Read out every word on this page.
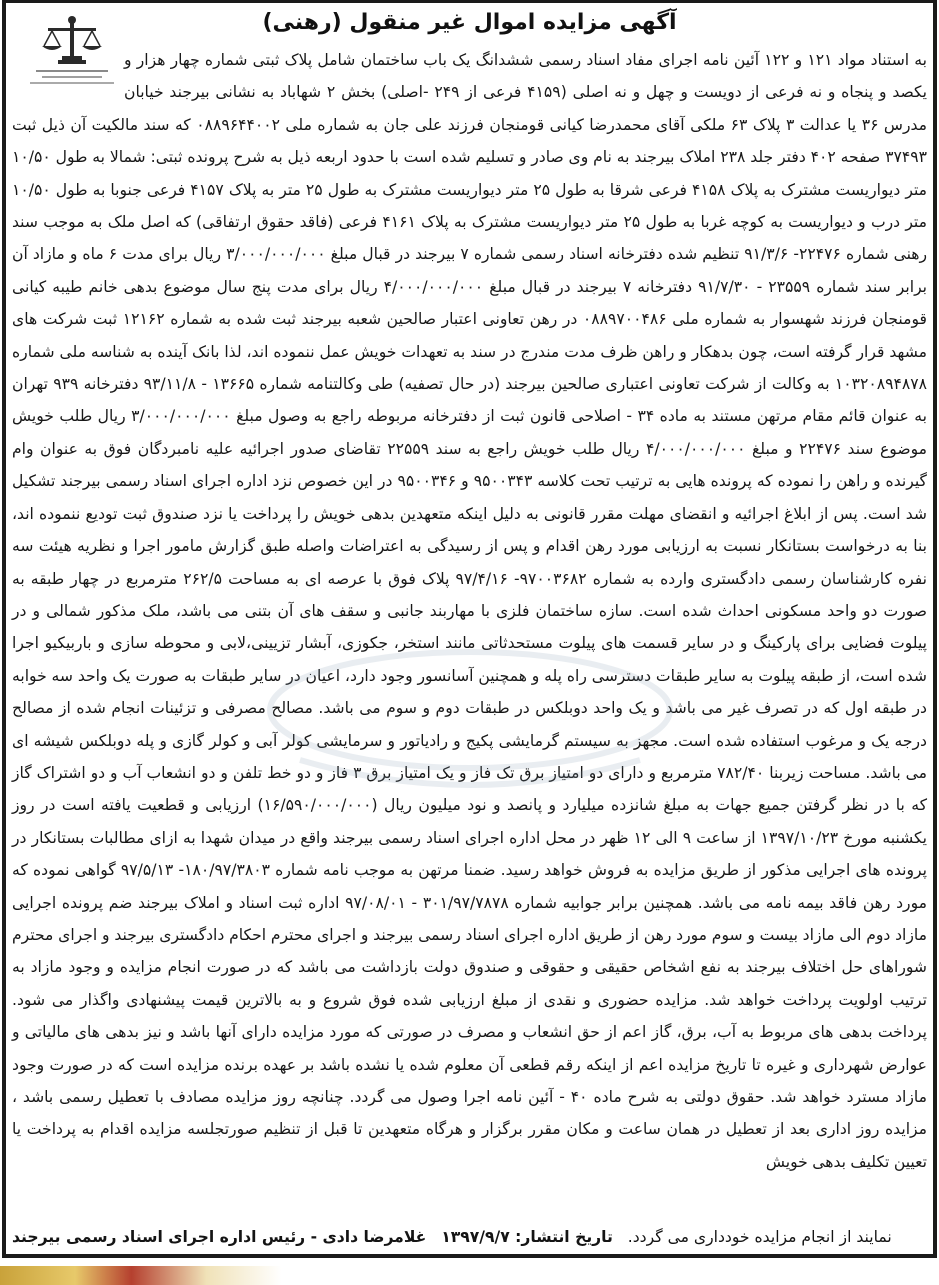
آگهی مزایده اموال غیر منقول (رهنی)

به استناد مواد ۱۲۱ و ۱۲۲ آئین نامه اجرای مفاد اسناد رسمی ششدانگ یک باب ساختمان شامل پلاک ثبتی شماره چهار هزار و یکصد و پنجاه و نه فرعی از دویست و چهل و نه اصلی (۴۱۵۹ فرعی از ۲۴۹ -اصلی) بخش ۲ شهاباد به نشانی بیرجند خیابان مدرس ۳۶ یا عدالت ۳ پلاک ۶۳ ملکی آقای محمدرضا کیانی قومنجان فرزند علی جان به شماره ملی ۰۸۸۹۶۴۴۰۰۲ که سند مالکیت آن ذیل ثبت ۳۷۴۹۳ صفحه ۴۰۲ دفتر جلد ۲۳۸ املاک بیرجند به نام وی صادر و تسلیم شده است با حدود اربعه ذیل به شرح پرونده ثبتی: شمالا به طول ۱۰/۵۰ متر دیواریست مشترک به پلاک ۴۱۵۸ فرعی شرقا به طول ۲۵ متر دیواریست مشترک به طول ۲۵ متر به پلاک ۴۱۵۷ فرعی جنوبا به طول ۱۰/۵۰ متر درب و دیواریست به کوچه غربا به طول ۲۵ متر دیواریست مشترک به پلاک ۴۱۶۱ فرعی (فاقد حقوق ارتفاقی) که اصل ملک به موجب سند رهنی شماره ۲۲۴۷۶- ۹۱/۳/۶ تنظیم شده دفترخانه اسناد رسمی شماره ۷ بیرجند در قبال مبلغ ۳/۰۰۰/۰۰۰/۰۰۰ ریال برای مدت ۶ ماه و مازاد آن برابر سند شماره ۲۳۵۵۹ - ۹۱/۷/۳۰ دفترخانه ۷ بیرجند در قبال مبلغ ۴/۰۰۰/۰۰۰/۰۰۰ ریال برای مدت پنج سال موضوع بدهی خانم طیبه کیانی قومنجان فرزند شهسوار به شماره ملی ۰۸۸۹۷۰۰۴۸۶ در رهن تعاونی اعتبار صالحین شعبه بیرجند ثبت شده به شماره ۱۲۱۶۲ ثبت شرکت های مشهد قرار گرفته است، چون بدهکار و راهن ظرف مدت مندرج در سند به تعهدات خویش عمل ننموده اند، لذا بانک آینده به شناسه ملی شماره ۱۰۳۲۰۸۹۴۸۷۸ به وکالت از شرکت تعاونی اعتباری صالحین بیرجند (در حال تصفیه) طی وکالتنامه شماره ۱۳۶۶۵ - ۹۳/۱۱/۸ دفترخانه ۹۳۹ تهران به عنوان قائم مقام مرتهن مستند به ماده ۳۴ - اصلاحی قانون ثبت از دفترخانه مربوطه راجع به وصول مبلغ ۳/۰۰۰/۰۰۰/۰۰۰ ریال طلب خویش موضوع سند ۲۲۴۷۶ و مبلغ ۴/۰۰۰/۰۰۰/۰۰۰ ریال طلب خویش راجع به سند ۲۲۵۵۹ تقاضای صدور اجرائیه علیه نامبردگان فوق به عنوان وام گیرنده و راهن را نموده که پرونده هایی به ترتیب تحت کلاسه ۹۵۰۰۳۴۳ و ۹۵۰۰۳۴۶ در این خصوص نزد اداره اجرای اسناد رسمی بیرجند تشکیل شد است. پس از ابلاغ اجرائیه و انقضای مهلت مقرر قانونی به دلیل اینکه متعهدین بدهی خویش را پرداخت یا نزد صندوق ثبت تودیع ننموده اند، بنا به درخواست بستانکار نسبت به ارزیابی مورد رهن اقدام و پس از رسیدگی به اعتراضات واصله طبق گزارش مامور اجرا و نظریه هیئت سه نفره کارشناسان رسمی دادگستری وارده به شماره ۹۷۰۰۳۶۸۲- ۹۷/۴/۱۶ پلاک فوق با عرصه ای به مساحت ۲۶۲/۵ مترمربع در چهار طبقه به صورت دو واحد مسکونی احداث شده است. سازه ساختمان فلزی با مهاربند جانبی و سقف های آن بتنی می باشد، ملک مذکور شمالی و در پیلوت فضایی برای پارکینگ و در سایر قسمت های پیلوت مستحدثاتی مانند استخر، جکوزی، آبشار تزیینی،لابی و محوطه سازی و باربیکیو اجرا شده است، از طبقه پیلوت به سایر طبقات دسترسی راه پله و همچنین آسانسور وجود دارد، اعیان در سایر طبقات به صورت یک واحد سه خوابه در طبقه اول که در تصرف غیر می باشد و یک واحد دوبلکس در طبقات دوم و سوم می باشد. مصالح مصرفی و تزئینات انجام شده از مصالح درجه یک و مرغوب استفاده شده است. مجهز به سیستم گرمایشی پکیج و رادیاتور و سرمایشی کولر آبی و کولر گازی و پله دوبلکس شیشه ای می باشد. مساحت زیربنا ۷۸۲/۴۰ مترمربع و دارای دو امتیاز برق تک فاز و یک امتیاز برق ۳ فاز و دو خط تلفن و دو انشعاب آب و دو اشتراک گاز که با در نظر گرفتن جمیع جهات به مبلغ شانزده میلیارد و پانصد و نود میلیون ریال (۱۶/۵۹۰/۰۰۰/۰۰۰) ارزیابی و قطعیت یافته است در روز یکشنبه مورخ ۱۳۹۷/۱۰/۲۳ از ساعت ۹ الی ۱۲ ظهر در محل اداره اجرای اسناد رسمی بیرجند واقع در میدان شهدا به ازای مطالبات بستانکار در پرونده های اجرایی مذکور از طریق مزایده به فروش خواهد رسید. ضمنا مرتهن به موجب نامه شماره ۱۸۰/۹۷/۳۸۰۳- ۹۷/۵/۱۳ گواهی نموده که مورد رهن فاقد بیمه نامه می باشد. همچنین برابر جوابیه شماره ۳۰۱/۹۷/۷۸۷۸ - ۹۷/۰۸/۰۱ اداره ثبت اسناد و املاک بیرجند ضم پرونده اجرایی مازاد دوم الی مازاد بیست و سوم مورد رهن از طریق اداره اجرای اسناد رسمی بیرجند و اجرای محترم احکام دادگستری بیرجند و اجرای محترم شوراهای حل اختلاف بیرجند به نفع اشخاص حقیقی و حقوقی و صندوق دولت بازداشت می باشد که در صورت انجام مزایده و وجود مازاد به ترتیب اولویت پرداخت خواهد شد. مزایده حضوری و نقدی از مبلغ ارزیابی شده فوق شروع و به بالاترین قیمت پیشنهادی واگذار می شود. پرداخت بدهی های مربوط به آب، برق، گاز اعم از حق انشعاب و مصرف در صورتی که مورد مزایده دارای آنها باشد و نیز بدهی های مالیاتی و عوارض شهرداری و غیره تا تاریخ مزایده اعم از اینکه رقم قطعی آن معلوم شده یا نشده باشد بر عهده برنده مزایده است که در صورت وجود مازاد مسترد خواهد شد. حقوق دولتی به شرح ماده ۴۰ - آئین نامه اجرا وصول می گردد. چنانچه روز مزایده مصادف با تعطیل رسمی باشد ، مزایده روز اداری بعد از تعطیل در همان ساعت و مکان مقرر برگزار و هرگاه متعهدین تا قبل از تنظیم صورتجلسه مزایده اقدام به پرداخت یا تعیین تکلیف بدهی خویش

نمایند از انجام مزایده خودداری می گردد.   تاریخ انتشار: ۱۳۹۷/۹/۷   غلامرضا دادی - رئیس اداره اجرای اسناد رسمی بیرجند
